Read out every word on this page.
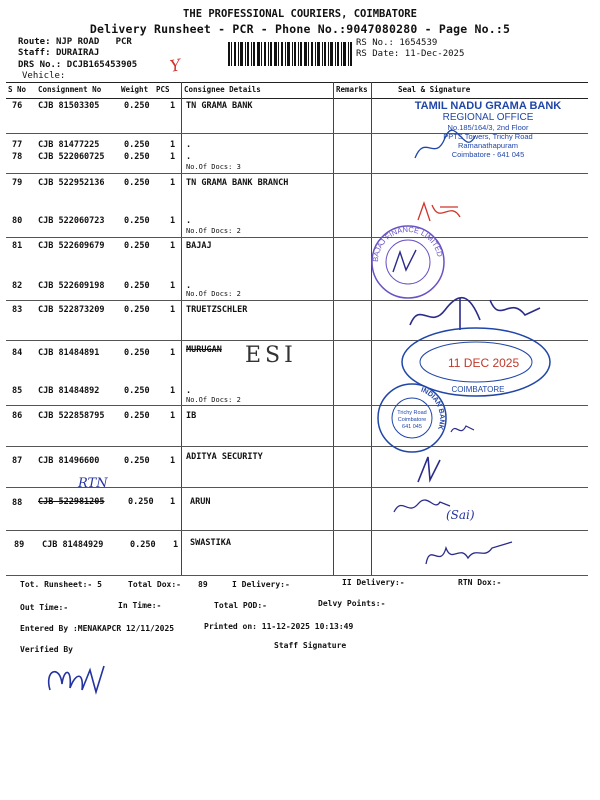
THE PROFESSIONAL COURIERS, COIMBATORE
Delivery Runsheet - PCR - Phone No.:9047080280 - Page No.:5
Route: NJP ROAD PCR
Staff: DURAIRAJ
DRS No.: DCJB165453905
Vehicle:
RS No.: 1654539
RS Date: 11-Dec-2025
Y
S No Consignment No	Weight PCS Consignee Details	Remarks	Seal & Signature
76 CJB 81503305	0.250 1 TN GRAMA BANK
77 CJB 81477225	0.250 1 .
78 CJB 522060725 0.250 1 .
No.Of Docs: 3
79 CJB 522952136 0.250 1 TN GRAMA BANK BRANCH
80 CJB 522060723 0.250 1 .
No.Of Docs: 2
81 CJB 522609679 0.250 1 BAJAJ
82 CJB 522609198 0.250 1 .
No.Of Docs: 2
83 CJB 522873209 0.250 1 TRUETZSCHLER
84 CJB 81484891	0.250 1 MURUGAN
85 CJB 81484892	0.250 1 .
No.Of Docs: 2
86 CJB 522858795 0.250 1 IB
87 CJB 81496600	0.250 1 ADITYA SECURITY
88 CJB 522981205	0.250 1 ARUN
89 CJB 81484929	0.250 1 SWASTIKA
TAMIL NADU GRAMA BANK
REGIONAL OFFICE
No.185/164/3, 2nd Floor
PPTS Towers, Trichy Road
Ramanathapuram
Coimbatore - 641 045
BAJAJ FINANCE LIMITED
ESI
COIMBATORE
11 DEC 2025
INDIAN BANK
Trichy Road
Coimbatore
641 045
RTN
(Sai)
Tot. Runsheet:- 5	Total Dox:- 89	I Delivery:-	II Delivery:-	RTN Dox:-
Out Time:-	In Time:-	Total POD:-	Delvy Points:-
Entered By :MENAKAPCR 12/11/2025	Printed on: 11-12-2025 10:13:49
Verified By	Staff Signature
